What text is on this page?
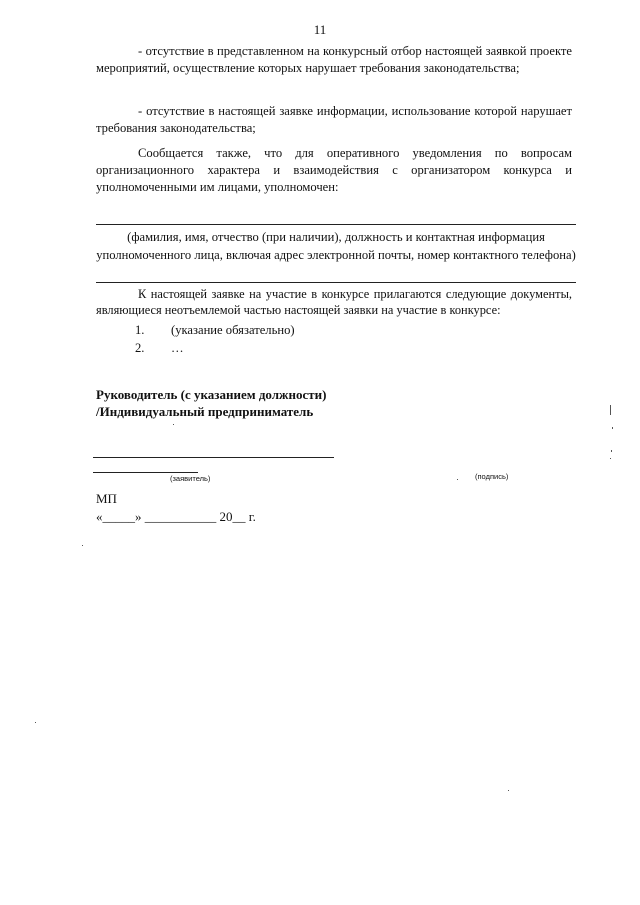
11
- отсутствие в представленном на конкурсный отбор настоящей заявкой проекте мероприятий, осуществление которых нарушает требования законодательства;
- отсутствие в настоящей заявке информации, использование которой нарушает требования законодательства;
Сообщается также, что для оперативного уведомления по вопросам организационного характера и взаимодействия с организатором конкурса и уполномоченными им лицами, уполномочен:
(фамилия, имя, отчество (при наличии), должность и контактная информация уполномоченного лица, включая адрес электронной почты, номер контактного телефона)
К настоящей заявке на участие в конкурсе прилагаются следующие документы, являющиеся неотъемлемой частью настоящей заявки на участие в конкурсе:
1.	(указание обязательно)
2.	…
Руководитель (с указанием должности)
/Индивидуальный предприниматель
(заявитель)	(подпись)
МП
«_____» ___________ 20__ г.
